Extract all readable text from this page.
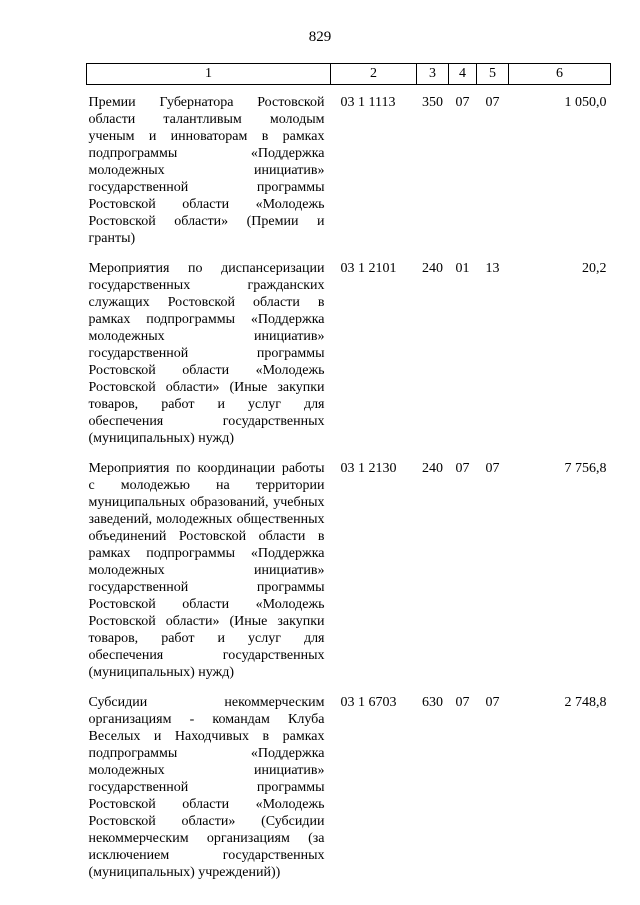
829
1	2	3	4	5	6

Премии Губернатора Ростовской области талантливым молодым ученым и инноваторам в рамках подпрограммы «Поддержка молодежных инициатив» государственной программы Ростовской области «Молодежь Ростовской области» (Премии и гранты)	03 1 1113	350	07	07	1 050,0

Мероприятия по диспансеризации государственных гражданских служащих Ростовской области в рамках подпрограммы «Поддержка молодежных инициатив» государственной программы Ростовской области «Молодежь Ростовской области» (Иные закупки товаров, работ и услуг для обеспечения государственных (муниципальных) нужд)	03 1 2101	240	01	13	20,2

Мероприятия по координации работы с молодежью на территории муниципальных образований, учебных заведений, молодежных общественных объединений Ростовской области в рамках подпрограммы «Поддержка молодежных инициатив» государственной программы Ростовской области «Молодежь Ростовской области» (Иные закупки товаров, работ и услуг для обеспечения государственных (муниципальных) нужд)	03 1 2130	240	07	07	7 756,8

Субсидии некоммерческим организациям - командам Клуба Веселых и Находчивых в рамках подпрограммы «Поддержка молодежных инициатив» государственной программы Ростовской области «Молодежь Ростовской области» (Субсидии некоммерческим организациям (за исключением государственных (муниципальных) учреждений))	03 1 6703	630	07	07	2 748,8
